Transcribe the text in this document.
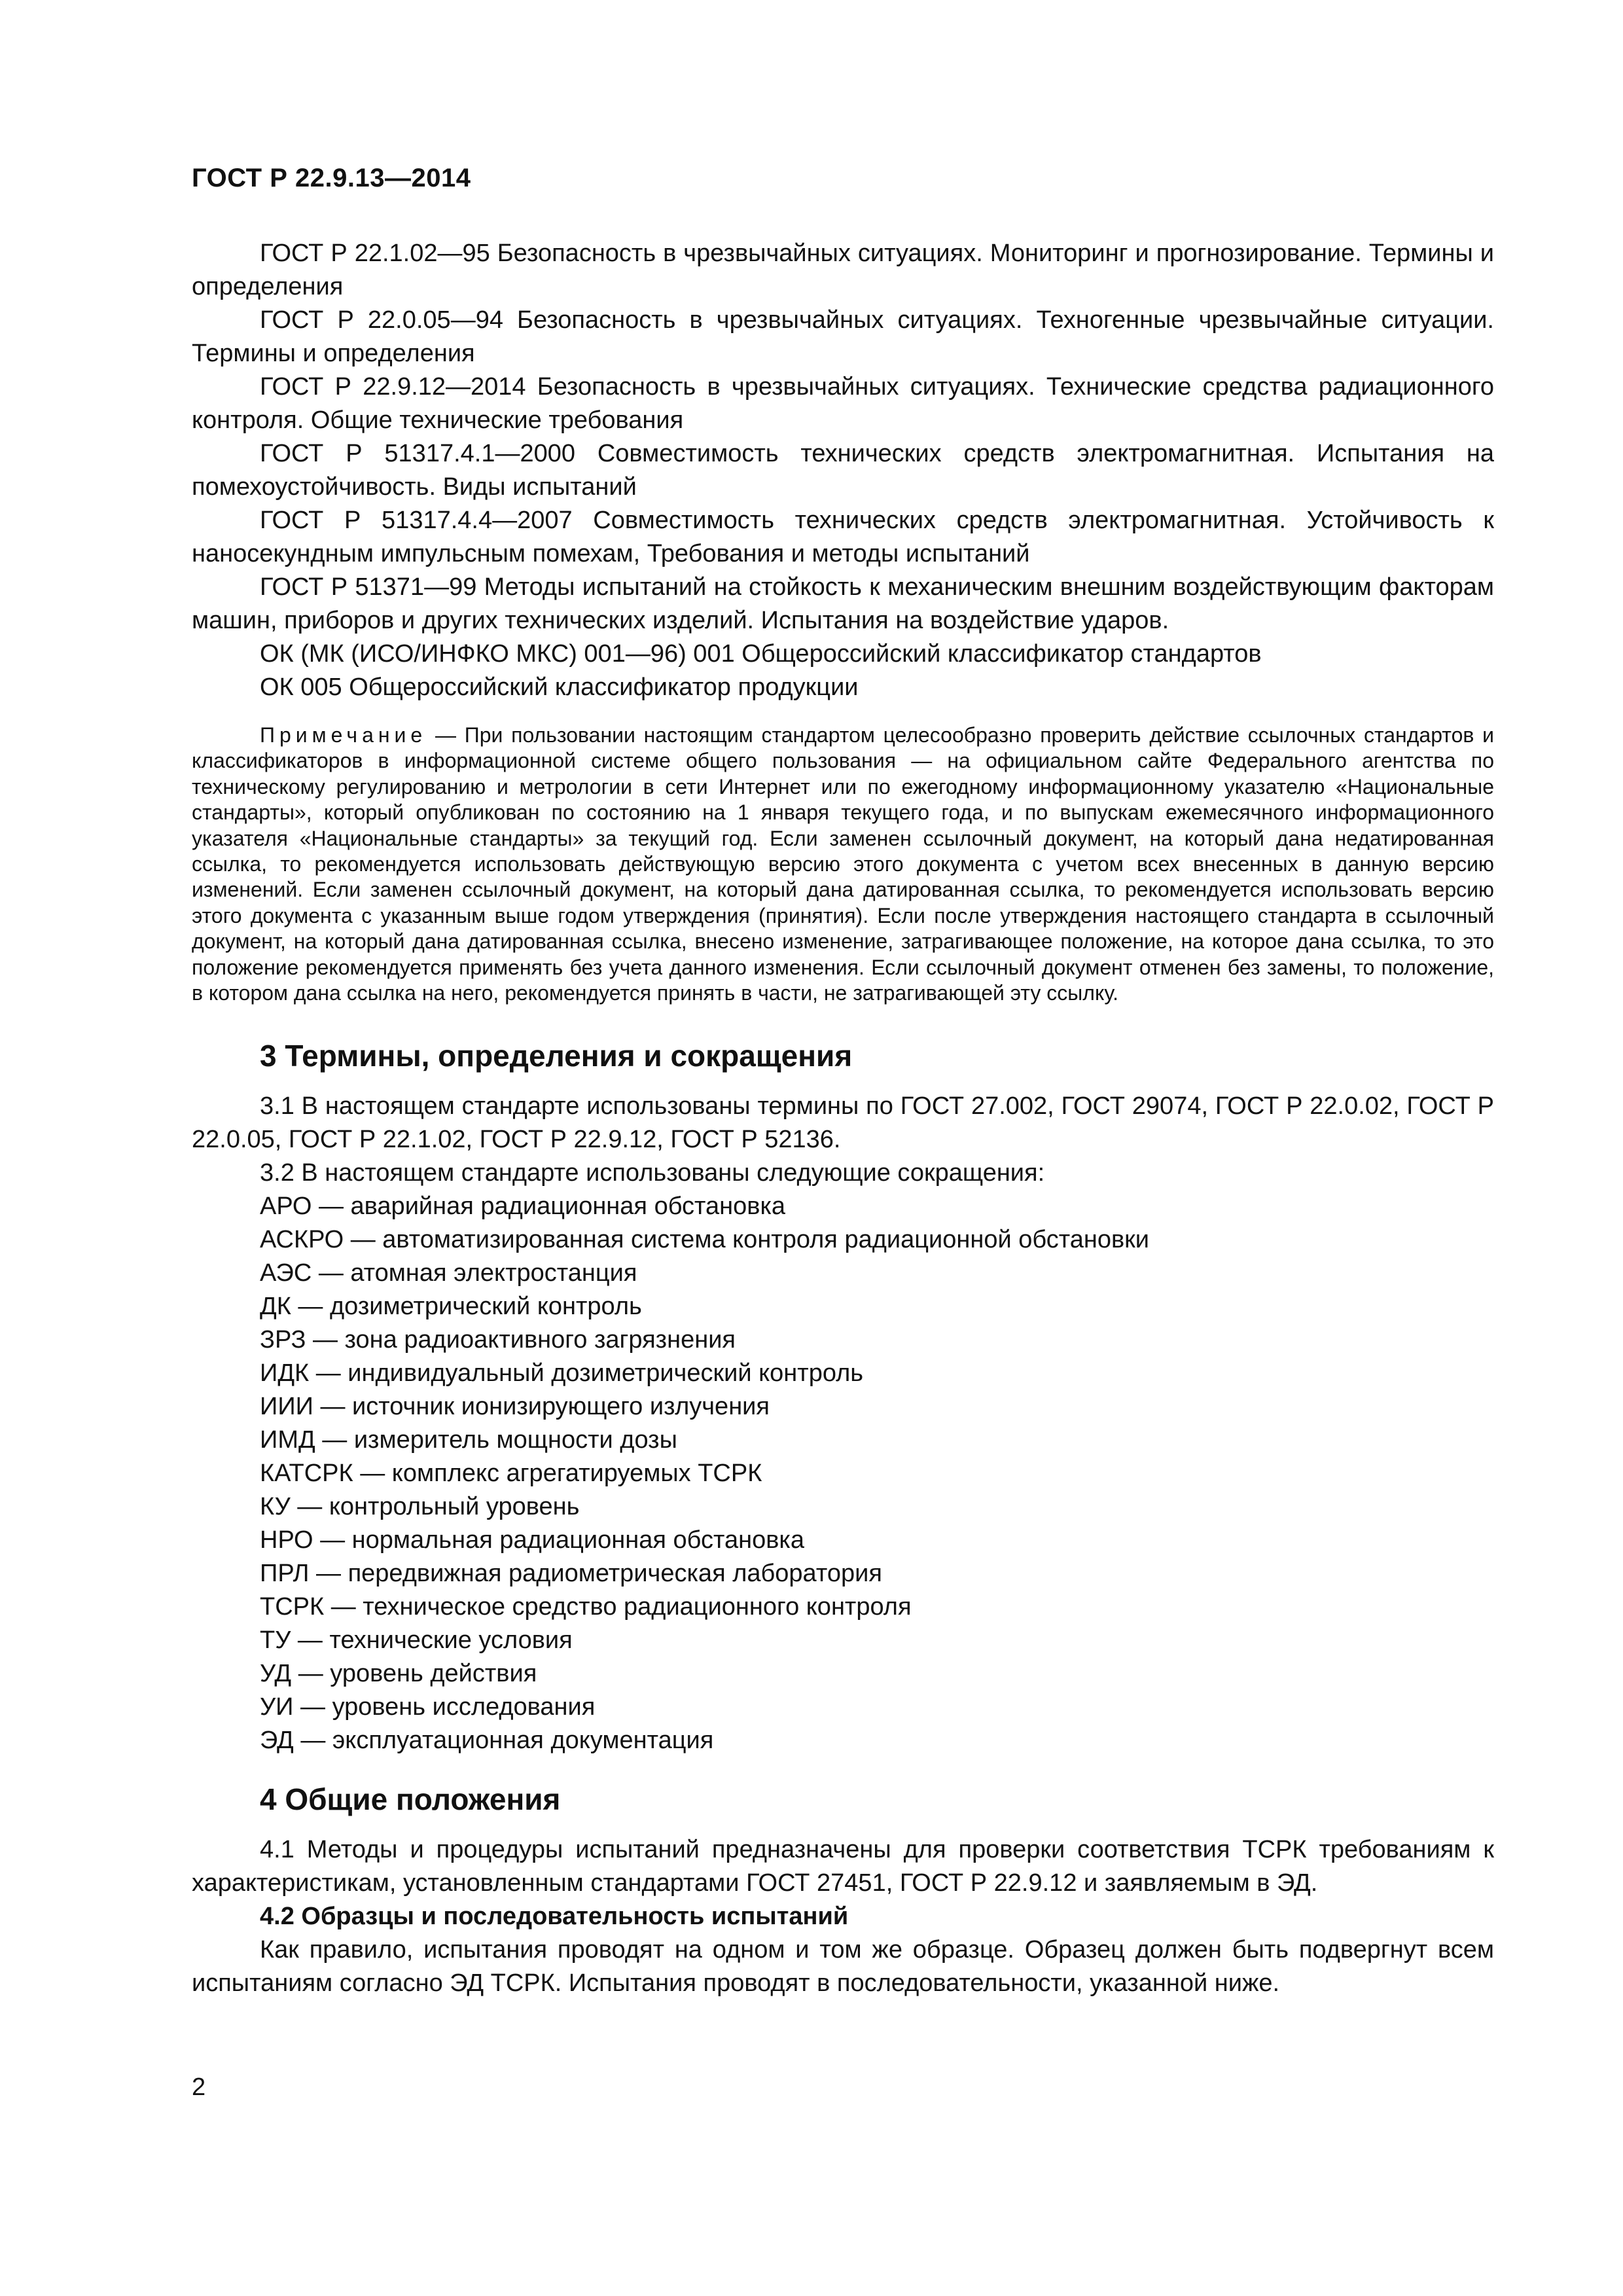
ГОСТ Р 22.9.13—2014

ГОСТ Р 22.1.02—95 Безопасность в чрезвычайных ситуациях. Мониторинг и прогнозирование. Термины и определения

ГОСТ Р 22.0.05—94 Безопасность в чрезвычайных ситуациях. Техногенные чрезвычайные ситуации. Термины и определения

ГОСТ Р 22.9.12—2014 Безопасность в чрезвычайных ситуациях. Технические средства радиационного контроля. Общие технические требования

ГОСТ Р 51317.4.1—2000 Совместимость технических средств электромагнитная. Испытания на помехоустойчивость. Виды испытаний

ГОСТ Р 51317.4.4—2007 Совместимость технических средств электромагнитная. Устойчивость к наносекундным импульсным помехам, Требования и методы испытаний

ГОСТ Р 51371—99 Методы испытаний на стойкость к механическим внешним воздействующим факторам машин, приборов и других технических изделий. Испытания на воздействие ударов.

ОК (МК (ИСО/ИНФКО МКС) 001—96) 001 Общероссийский классификатор стандартов

ОК 005 Общероссийский классификатор продукции

Примечание — При пользовании настоящим стандартом целесообразно проверить действие ссылочных стандартов и классификаторов в информационной системе общего пользования — на официальном сайте Федерального агентства по техническому регулированию и метрологии в сети Интернет или по ежегодному информационному указателю «Национальные стандарты», который опубликован по состоянию на 1 января текущего года, и по выпускам ежемесячного информационного указателя «Национальные стандарты» за текущий год. Если заменен ссылочный документ, на который дана недатированная ссылка, то рекомендуется использовать действующую версию этого документа с учетом всех внесенных в данную версию изменений. Если заменен ссылочный документ, на который дана датированная ссылка, то рекомендуется использовать версию этого документа с указанным выше годом утверждения (принятия). Если после утверждения настоящего стандарта в ссылочный документ, на который дана датированная ссылка, внесено изменение, затрагивающее положение, на которое дана ссылка, то это положение рекомендуется применять без учета данного изменения. Если ссылочный документ отменен без замены, то положение, в котором дана ссылка на него, рекомендуется принять в части, не затрагивающей эту ссылку.

3 Термины, определения и сокращения

3.1 В настоящем стандарте использованы термины по ГОСТ 27.002, ГОСТ 29074, ГОСТ Р 22.0.02, ГОСТ Р 22.0.05, ГОСТ Р 22.1.02, ГОСТ Р 22.9.12, ГОСТ Р 52136.

3.2 В настоящем стандарте использованы следующие сокращения:

АРО — аварийная радиационная обстановка
АСКРО — автоматизированная система контроля радиационной обстановки
АЭС — атомная электростанция
ДК — дозиметрический контроль
ЗРЗ — зона радиоактивного загрязнения
ИДК — индивидуальный дозиметрический контроль
ИИИ — источник ионизирующего излучения
ИМД — измеритель мощности дозы
КАТСРК — комплекс агрегатируемых ТСРК
КУ — контрольный уровень
НРО — нормальная радиационная обстановка
ПРЛ — передвижная радиометрическая лаборатория
ТСРК — техническое средство радиационного контроля
ТУ — технические условия
УД — уровень действия
УИ — уровень исследования
ЭД — эксплуатационная документация
4 Общие положения

4.1 Методы и процедуры испытаний предназначены для проверки соответствия ТСРК требованиям к характеристикам, установленным стандартами ГОСТ 27451, ГОСТ Р 22.9.12 и заявляемым в ЭД.

4.2 Образцы и последовательность испытаний

Как правило, испытания проводят на одном и том же образце. Образец должен быть подвергнут всем испытаниям согласно ЭД ТСРК. Испытания проводят в последовательности, указанной ниже.

2
